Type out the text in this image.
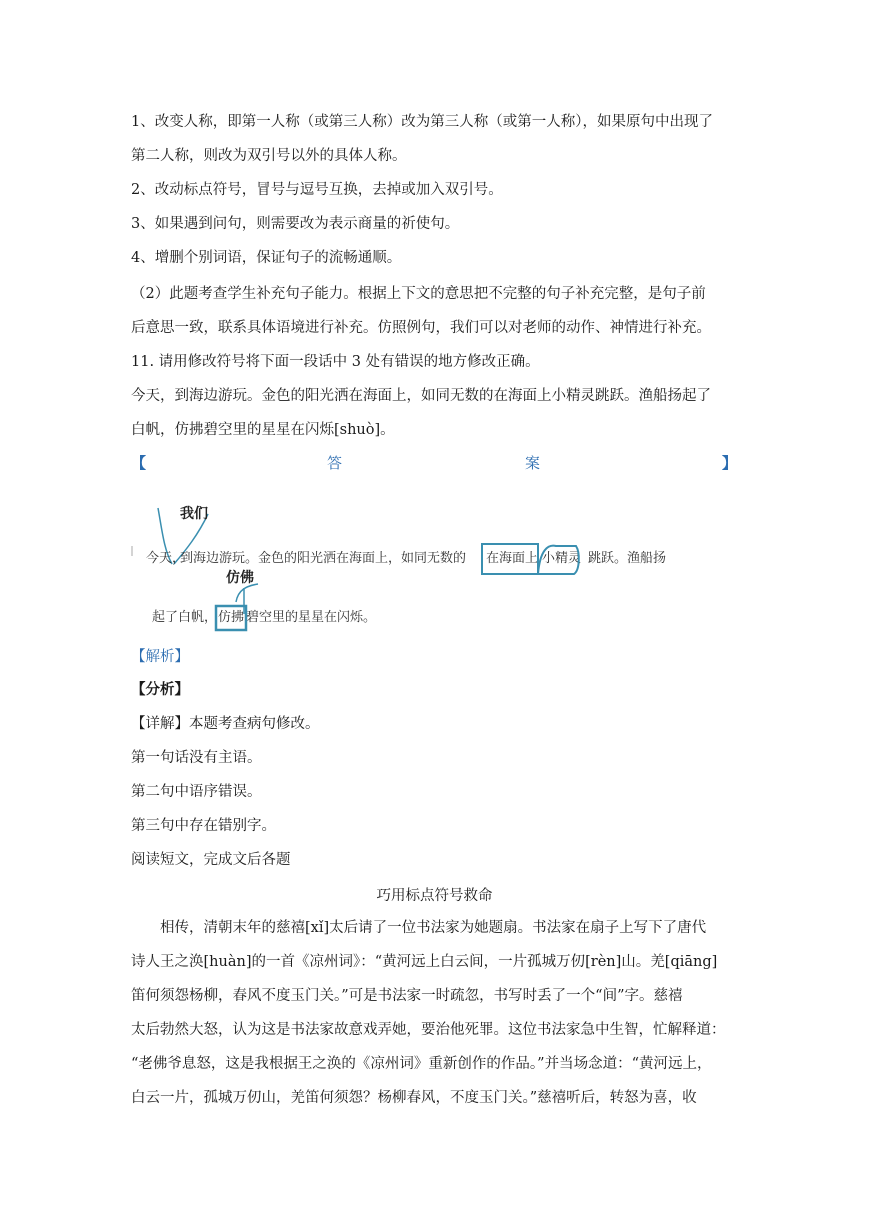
1、改变人称，即第一人称（或第三人称）改为第三人称（或第一人称），如果原句中出现了
第二人称，则改为双引号以外的具体人称。
2、改动标点符号，冒号与逗号互换，去掉或加入双引号。
3、如果遇到问句，则需要改为表示商量的祈使句。
4、增删个别词语，保证句子的流畅通顺。
（2）此题考查学生补充句子能力。根据上下文的意思把不完整的句子补充完整，是句子前
后意思一致，联系具体语境进行补充。仿照例句，我们可以对老师的动作、神情进行补充。
11. 请用修改符号将下面一段话中 3 处有错误的地方修改正确。
今天，到海边游玩。金色的阳光洒在海面上，如同无数的在海面上小精灵跳跃。渔船扬起了
白帆，仿拂碧空里的星星在闪烁[shuò]。
【	答	案	】
我们
今天，
到海边游玩。金色的阳光洒在海面上，如同无数的 在海面上 小精灵 跳跃。渔船扬
仿佛
起了白帆， 仿拂 碧空里的星星在闪烁。
【解析】
【分析】
【详解】本题考查病句修改。
第一句话没有主语。
第二句中语序错误。
第三句中存在错别字。
阅读短文，完成文后各题
巧用标点符号救命
　　相传，清朝末年的慈禧[xǐ]太后请了一位书法家为她题扇。书法家在扇子上写下了唐代
诗人王之涣[huàn]的一首《凉州词》：“黄河远上白云间，一片孤城万仞[rèn]山。羌[qiāng]
笛何须怨杨柳，春风不度玉门关。”可是书法家一时疏忽，书写时丢了一个“间”字。慈禧
太后勃然大怒，认为这是书法家故意戏弄她，要治他死罪。这位书法家急中生智，忙解释道：
“老佛爷息怒，这是我根据王之涣的《凉州词》重新创作的作品。”并当场念道：“黄河远上，
白云一片，孤城万仞山，羌笛何须怨？杨柳春风，不度玉门关。”慈禧听后，转怒为喜，收
